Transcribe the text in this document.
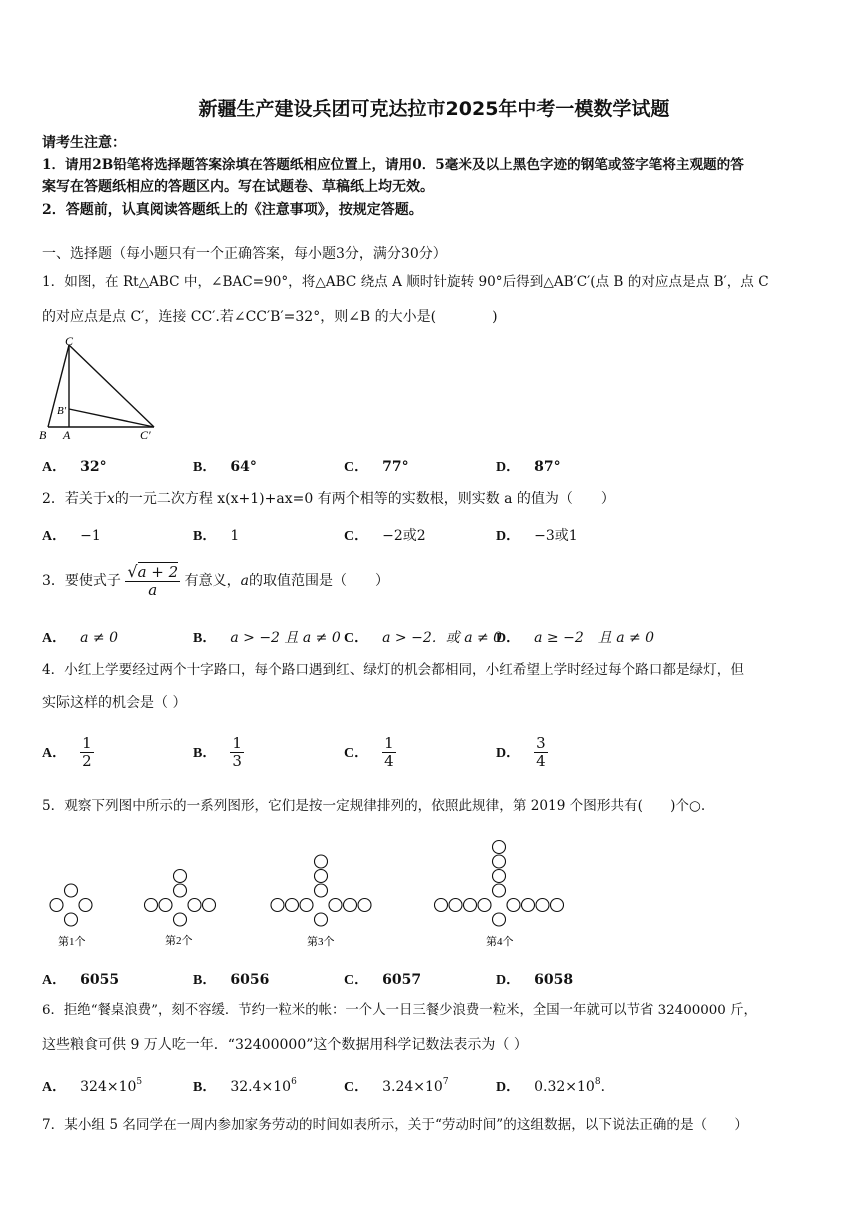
新疆生产建设兵团可克达拉市2025年中考一模数学试题
请考生注意：
1．请用2B铅笔将选择题答案涂填在答题纸相应位置上，请用0．5毫米及以上黑色字迹的钢笔或签字笔将主观题的答
案写在答题纸相应的答题区内。写在试题卷、草稿纸上均无效。
2．答题前，认真阅读答题纸上的《注意事项》，按规定答题。
一、选择题（每小题只有一个正确答案，每小题3分，满分30分）
1．如图，在 Rt△ABC 中，∠BAC=90°，将△ABC 绕点 A 顺时针旋转 90°后得到△AB′C′(点 B 的对应点是点 B′，点 C
的对应点是点 C′，连接 CC′.若∠CC′B′=32°，则∠B 的大小是(　　　　)
C
B′
B A	C′
A． 32°	B． 64°	C． 77°	D． 87°
2．若关于x的一元二次方程 x(x+1)+ax=0 有两个相等的实数根，则实数 a 的值为（　　）
A． −1	B． 1	C． −2或2	D． −3或1
3．要使式子 $\frac{√a + 2}{a}$ 有意义，a的取值范围是（　　）
A． a ≠ 0	B． a > −2 且 a ≠ 0 C． a > −2．或 a ≠ 0
D． a ≥ −2　且 a ≠ 0
4．小红上学要经过两个十字路口，每个路口遇到红、绿灯的机会都相同，小红希望上学时经过每个路口都是绿灯，但
实际这样的机会是（ ）
A． $\frac{1}{2}$	B． $\frac{1}{3}$	C． $\frac{1}{4}$	D． $\frac{3}{4}$
5．观察下列图中所示的一系列图形，它们是按一定规律排列的，依照此规律，第 2019 个图形共有(　　)个○.
第1个	第2个	第3个	第4个
A． 6055	B． 6056	C． 6057	D． 6058
6．拒绝“餐桌浪费”，刻不容缓．节约一粒米的帐：一个人一日三餐少浪费一粒米，全国一年就可以节省 32400000 斤，
这些粮食可供 9 万人吃一年．“32400000”这个数据用科学记数法表示为（ ）
A． $324\times 10^5$	B． $32.4\times 10^6$	C． $3.24\times 10^7$	D． $0.32\times 10^8$．
7．某小组 5 名同学在一周内参加家务劳动的时间如表所示，关于“劳动时间”的这组数据，以下说法正确的是（　　）
